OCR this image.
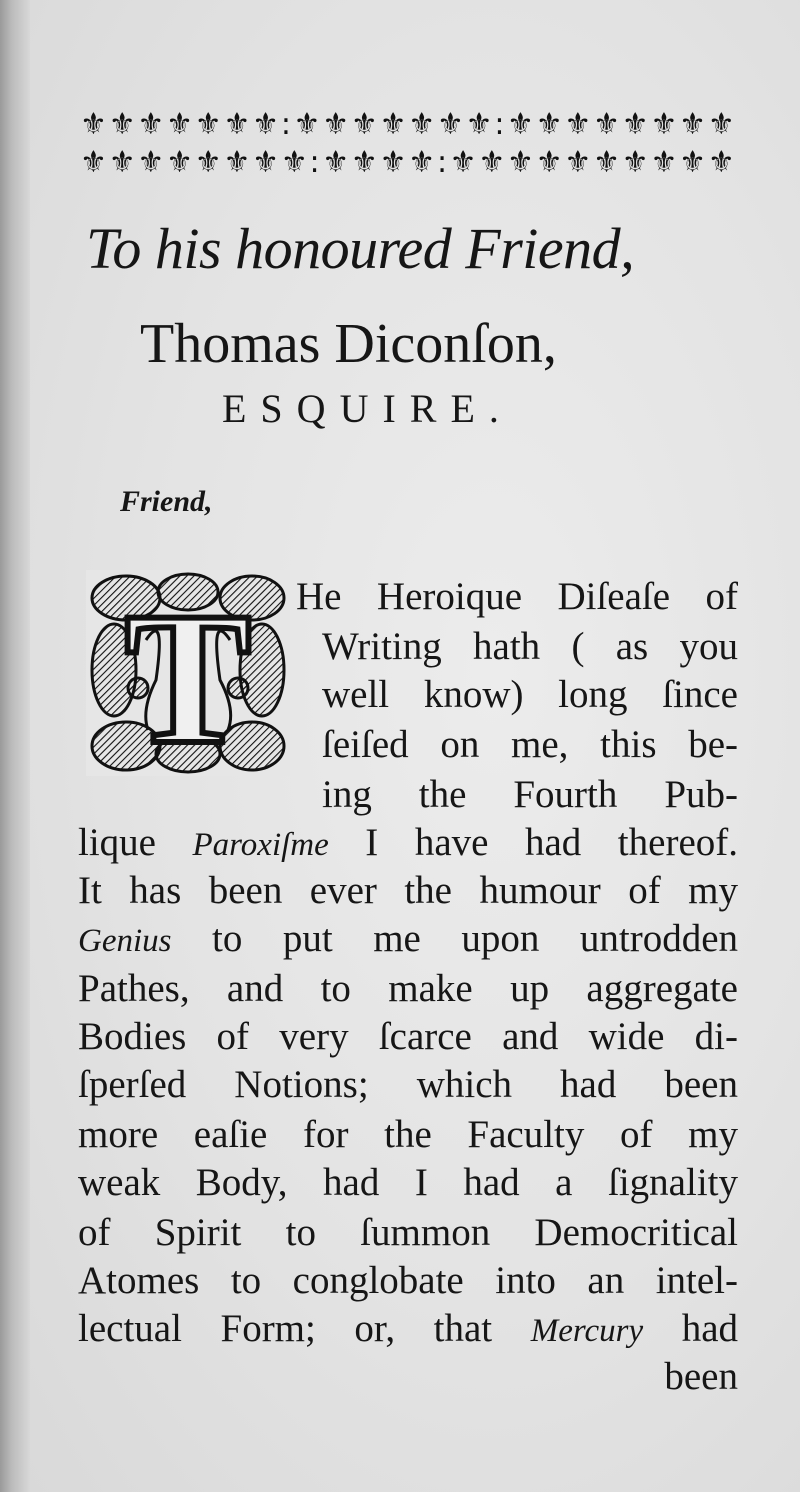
⚜ ⚜ ⚜ ⚜ ⚜ ⚜ ⚜ : ⚜ ⚜ ⚜ ⚜ ⚜ ⚜ ⚜ : ⚜ ⚜ ⚜ ⚜ ⚜ ⚜ ⚜ ⚜
⚜ ⚜ ⚜ ⚜ ⚜ ⚜ ⚜ ⚜ : ⚜ ⚜ ⚜ ⚜ : ⚜ ⚜ ⚜ ⚜ ⚜ ⚜ ⚜ ⚜ ⚜ ⚜
To his honoured Friend,
Thomas Diconſon,
ESQUIRE.
Friend,
T He Heroique Diſeaſe of
Writing hath ( as you
well know) long ſince
ſeiſed on me, this be-
ing the Fourth Pub-
lique Paroxiſme I have had thereof.
It has been ever the humour of my
Genius to put me upon untrodden
Pathes, and to make up aggregate
Bodies of very ſcarce and wide di-
ſperſed Notions; which had been
more eaſie for the Faculty of my
weak Body, had I had a ſignality
of Spirit to ſummon Democritical
Atomes to conglobate into an intel-
lectual Form; or, that Mercury had
been
